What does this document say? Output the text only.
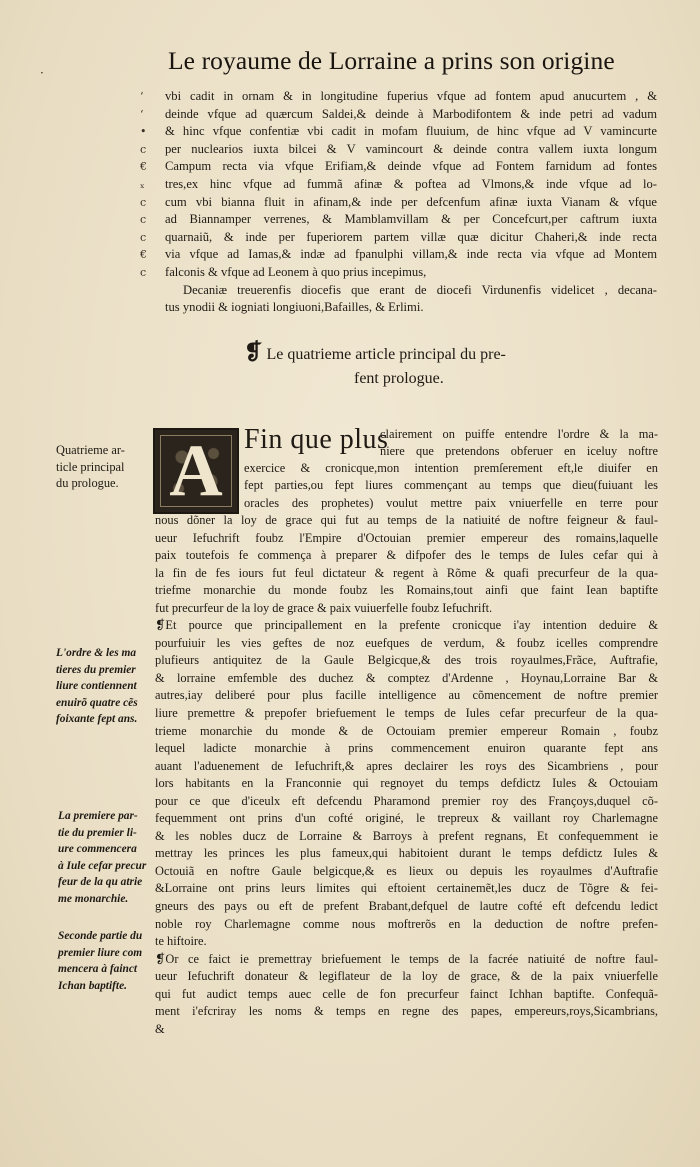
·	Le royaume de Lorraine a prins son origine
‘
‘
•
c
€
ₓ
c
c
c
€
c
vbi cadit in ornam & in longitudine fuperius vfque ad fontem apud anucurtem , &
deinde vfque ad quærcum Saldei,& deinde à Marbodifontem & inde petri ad vadum
& hinc vfque confentiæ vbi cadit in mofam fluuium, de hinc vfque ad V vamincurte
per nuclearios iuxta bilcei & V vamincourt & deinde contra vallem iuxta longum
Campum recta via vfque Erifiam,& deinde vfque ad Fontem farnidum ad fontes
tres,ex hinc vfque ad fummã afinæ & poftea ad Vlmons,& inde vfque ad lo-
cum vbi bianna fluit in afinam,& inde per defcenfum afinæ iuxta Vianam & vfque
ad Biannamper verrenes, & Mamblamvillam & per Concefcurt,per caftrum iuxta
quarnaiũ, & inde per fuperiorem partem villæ quæ dicitur Chaheri,& inde recta
via vfque ad Iamas,& indæ ad fpanulphi villam,& inde recta via vfque ad Montem
falconis & vfque ad Leonem à quo prius incepimus,
Decaniæ treuerenfis diocefis que erant de diocefi Virdunenfis videlicet , decana-
tus ynodii & iogniati longiuoni,Bafailles, & Erlimi.
❡ Le quatrieme article principal du pre-
fent prologue.
A Fin que plus
clairement on puiffe entendre l'ordre & la ma-
niere que pretendons obferuer en iceluy noftre
exercice & cronicque,mon intention premſerement eft,le diuifer en
fept parties,ou fept liures commençant au temps que dieu(fuiuant les
oracles des prophetes) voulut mettre paix vniuerfelle en terre pour
nous dõner la loy de grace qui fut au temps de la natiuité de noftre feigneur & faul-
ueur Iefuchrift foubz l'Empire d'Octouian premier empereur des romains,laquelle
paix toutefois fe commença à preparer & difpofer des le temps de Iules cefar qui à
la fin de fes iours fut feul dictateur & regent à Rõme & quafi precurfeur de la qua-
triefme monarchie du monde foubz les Romains,tout ainfi que faint Iean baptifte
fut precurfeur de la loy de grace & paix vuiuerfelle foubz Iefuchrift.
❡Et pource que principallement en la prefente cronicque i'ay intention deduire &
pourfuiuir les vies geftes de noz euefques de verdum, & foubz icelles comprendre
plufieurs antiquitez de la Gaule Belgicque,& des trois royaulmes,Frãce, Auftrafie,
& lorraine emfemble des duchez & comptez d'Ardenne , Hoynau,Lorraine Bar &
autres,iay deliberé pour plus facille intelligence au cõmencement de noftre premier
liure premettre & prepofer briefuement le temps de Iules cefar precurfeur de la qua-
trieme monarchie du monde & de Octouiam premier empereur Romain , foubz
lequel ladicte monarchie à prins commencement enuiron quarante fept ans
auant l'aduenement de Iefuchrift,& apres declairer les roys des Sicambriens , pour
lors habitants en la Franconnie qui regnoyet du temps defdictz Iules & Octouiam
pour ce que d'iceulx eft defcendu Pharamond premier roy des Françoys,duquel cõ-
fequemment ont prins d'un cofté originé, le trepreux & vaillant roy Charlemagne
& les nobles ducz de Lorraine & Barroys à prefent regnans, Et confequemment ie
mettray les princes les plus fameux,qui habitoient durant le temps defdictz Iules &
Octouiã en noftre Gaule belgicque,& es lieux ou depuis les royaulmes d'Auftrafie
&Lorraine ont prins leurs limites qui eftoient certainemẽt,les ducz de Tõgre & fei-
gneurs des pays ou eft de prefent Brabant,defquel de lautre cofté eft defcendu ledict
noble roy Charlemagne comme nous moftrerõs en la deduction de noftre prefen-
te hiftoire.
❡Or ce faict ie premettray briefuement le temps de la facrée natiuité de noftre faul-
ueur Iefuchrift donateur & legiflateur de la loy de grace, & de la paix vniuerfelle
qui fut audict temps auec celle de fon precurfeur fainct Ichhan baptifte. Confequã-
ment i'efcriray les noms & temps en regne des papes, empereurs,roys,Sicambrians,
&
Quatrieme ar-
ticle principal
du prologue.
L'ordre & les ma
tieres du premier
liure contiennent
enuirõ quatre cẽs
foixante fept ans.
La premiere par-
tie du premier li-
ure commencera
à Iule cefar precur
feur de la qu atrie
me monarchie.
Seconde partie du
premier liure com
mencera à fainct
Ichan baptifte.
